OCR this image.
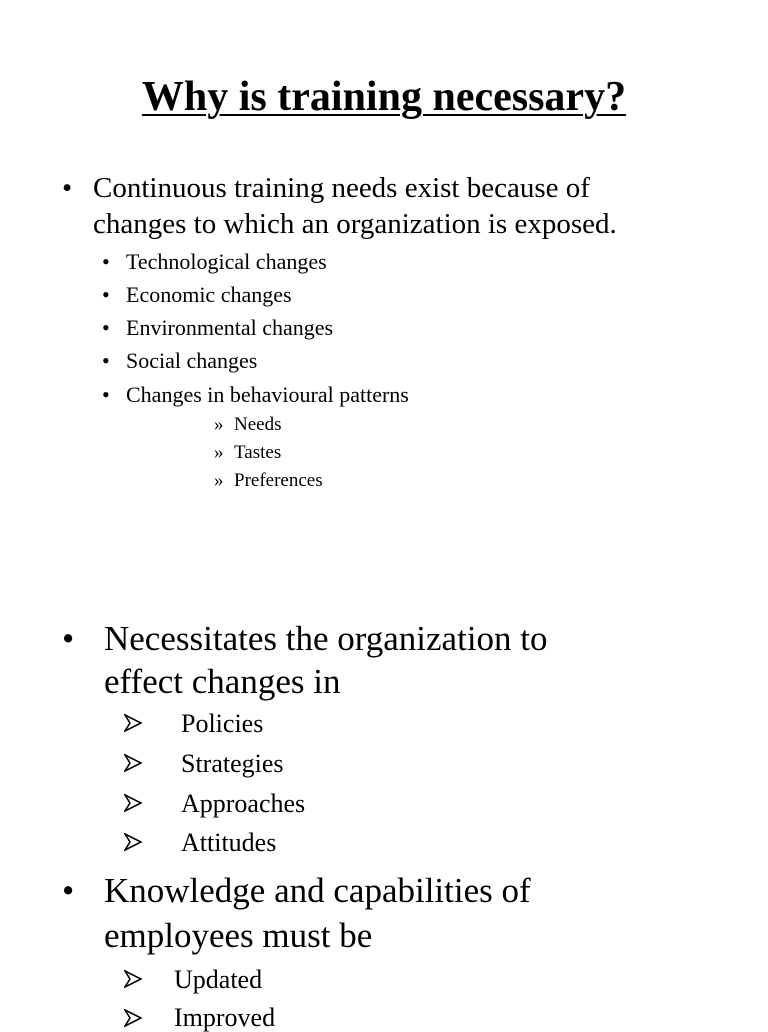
Why is training necessary?
• Continuous training needs exist because of
changes to which an organization is exposed.
• Technological changes
• Economic changes
• Environmental changes
• Social changes
• Changes in behavioural patterns
» Needs
» Tastes
» Preferences
• Necessitates the organization to
effect changes in
Policies
Strategies
Approaches
Attitudes
• Knowledge and capabilities of
employees must be
Updated
Improved
